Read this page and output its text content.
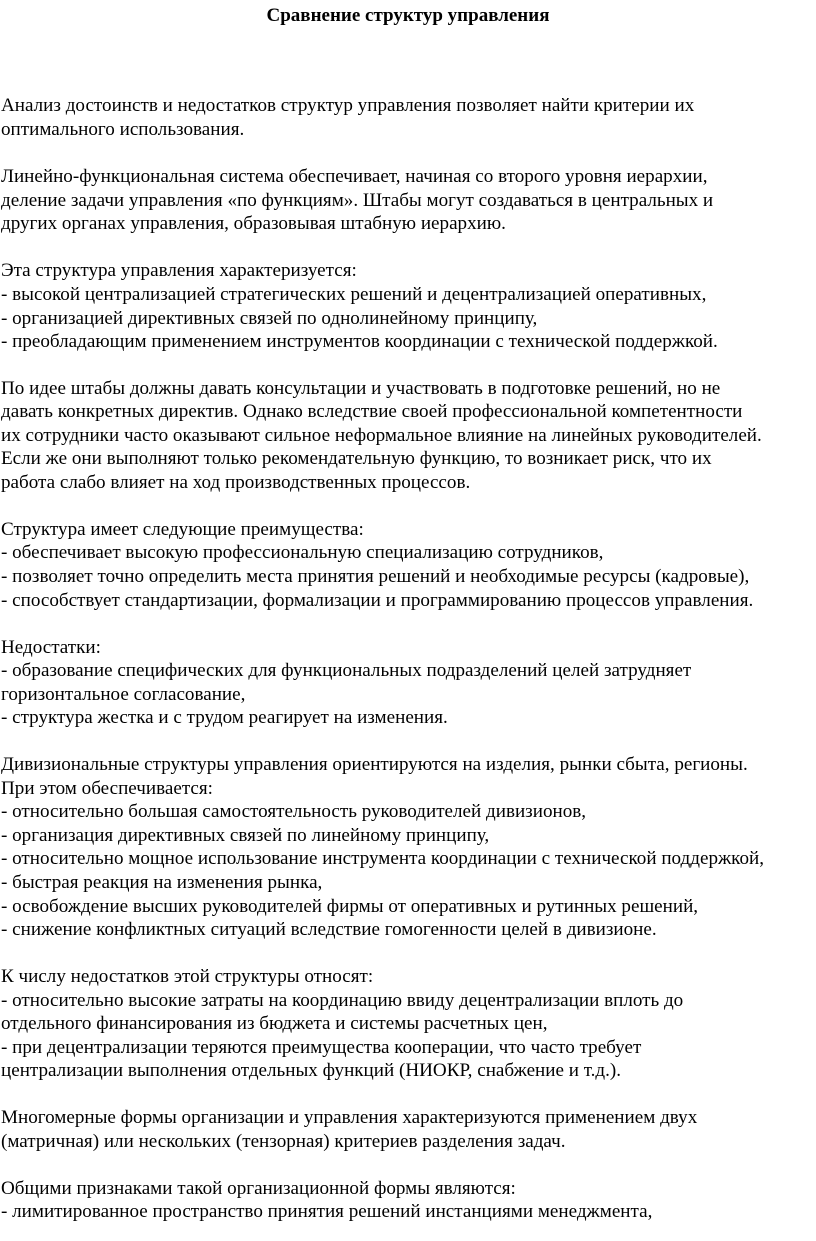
Сравнение структур управления
Анализ достоинств и недостатков структур управления позволяет найти критерии их
оптимального использования.
Линейно-функциональная система обеспечивает, начиная со второго уровня иерархии,
деление задачи управления «по функциям». Штабы могут создаваться в центральных и
других органах управления, образовывая штабную иерархию.
Эта структура управления характеризуется:
- высокой централизацией стратегических решений и децентрализацией оперативных,
- организацией директивных связей по однолинейному принципу,
- преобладающим применением инструментов координации с технической поддержкой.
По идее штабы должны давать консультации и участвовать в подготовке решений, но не
давать конкретных директив. Однако вследствие своей профессиональной компетентности
их сотрудники часто оказывают сильное неформальное влияние на линейных руководителей.
Если же они выполняют только рекомендательную функцию, то возникает риск, что их
работа слабо влияет на ход производственных процессов.
Структура имеет следующие преимущества:
- обеспечивает высокую профессиональную специализацию сотрудников,
- позволяет точно определить места принятия решений и необходимые ресурсы (кадровые),
- способствует стандартизации, формализации и программированию процессов управления.
Недостатки:
- образование специфических для функциональных подразделений целей затрудняет
горизонтальное согласование,
- структура жестка и с трудом реагирует на изменения.
Дивизиональные структуры управления ориентируются на изделия, рынки сбыта, регионы.
При этом обеспечивается:
- относительно большая самостоятельность руководителей дивизионов,
- организация директивных связей по линейному принципу,
- относительно мощное использование инструмента координации с технической поддержкой,
- быстрая реакция на изменения рынка,
- освобождение высших руководителей фирмы от оперативных и рутинных решений,
- снижение конфликтных ситуаций вследствие гомогенности целей в дивизионе.
К числу недостатков этой структуры относят:
- относительно высокие затраты на координацию ввиду децентрализации вплоть до
отдельного финансирования из бюджета и системы расчетных цен,
- при децентрализации теряются преимущества кооперации, что часто требует
централизации выполнения отдельных функций (НИОКР, снабжение и т.д.).
Многомерные формы организации и управления характеризуются применением двух
(матричная) или нескольких (тензорная) критериев разделения задач.
Общими признаками такой организационной формы являются:
- лимитированное пространство принятия решений инстанциями менеджмента,
